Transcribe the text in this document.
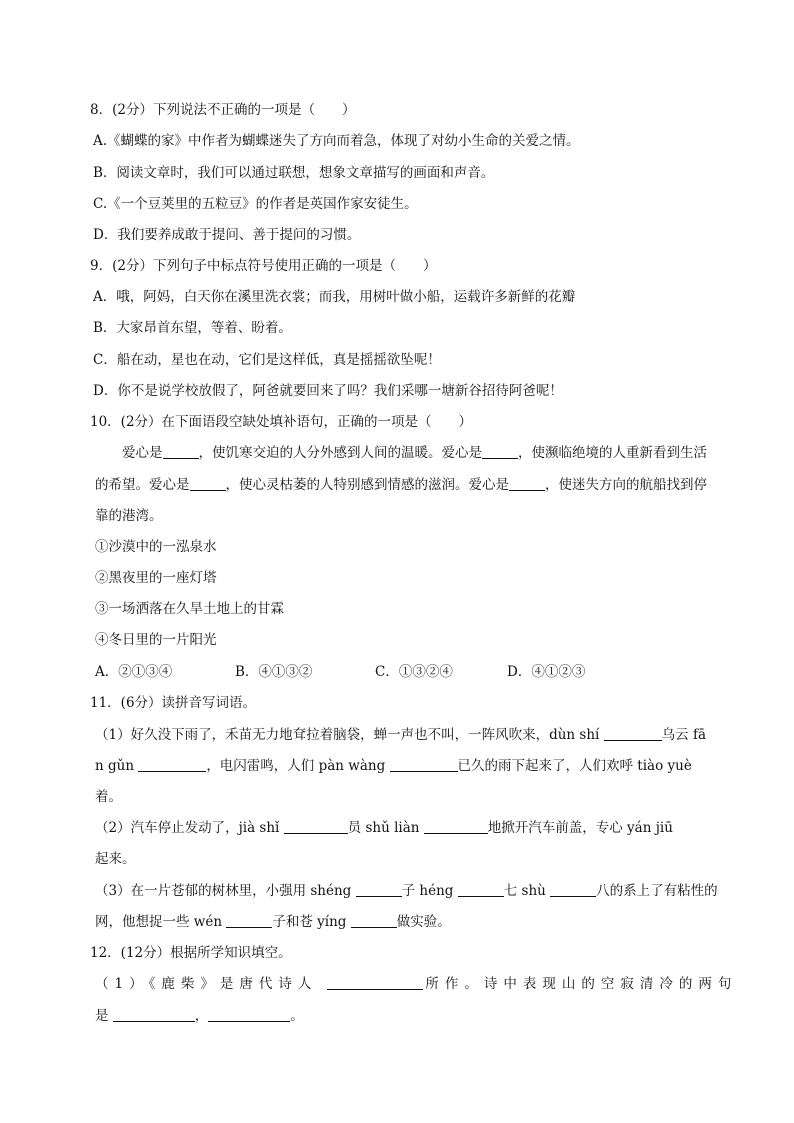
8．(2分）下列说法不正确的一项是（　　）
A.《蝴蝶的家》中作者为蝴蝶迷失了方向而着急，体现了对幼小生命的关爱之情。
B．阅读文章时，我们可以通过联想，想象文章描写的画面和声音。
C.《一个豆荚里的五粒豆》的作者是英国作家安徒生。
D．我们要养成敢于提问、善于提问的习惯。
9．(2分）下列句子中标点符号使用正确的一项是（　　）
A．哦，阿妈，白天你在溪里洗衣裳；而我，用树叶做小船，运载许多新鲜的花瓣
B．大家昂首东望，等着、盼着。
C．船在动，星也在动，它们是这样低，真是摇摇欲坠呢！
D．你不是说学校放假了，阿爸就要回来了吗？我们采哪一塘新谷招待阿爸呢！
10．(2分）在下面语段空缺处填补语句，正确的一项是（　　）
爱心是	，使饥寒交迫的人分外感到人间的温暖。爱心是	，使濒临绝境的人重新看到生活
的希望。爱心是	，使心灵枯萎的人特别感到情感的滋润。爱心是	，使迷失方向的航船找到停
靠的港湾。
①沙漠中的一泓泉水
②黑夜里的一座灯塔
③一场洒落在久旱土地上的甘霖
④冬日里的一片阳光
A．②①③④	B．④①③②	C．①③②④	D．④①②③
11．(6分）读拼音写词语。
（1）好久没下雨了，禾苗无力地耷拉着脑袋，蝉一声也不叫，一阵风吹来，dùn shí	乌云 fā
n gǔn	，电闪雷鸣，人们 pàn wàng	已久的雨下起来了，人们欢呼 tiào yuè
着。
（2）汽车停止发动了，jià shǐ	员 shǔ liàn	地掀开汽车前盖，专心 yán jiū
起来。
（3）在一片苍郁的树林里，小强用 shéng	子 héng	七 shù	八的系上了有粘性的
网，他想捉一些 wén	子和苍 yíng	做实验。
12．(12分）根据所学知识填空。
（1）《鹿柴》是唐代诗人	所作。诗中表现山的空寂清冷的两句
是	，	。
